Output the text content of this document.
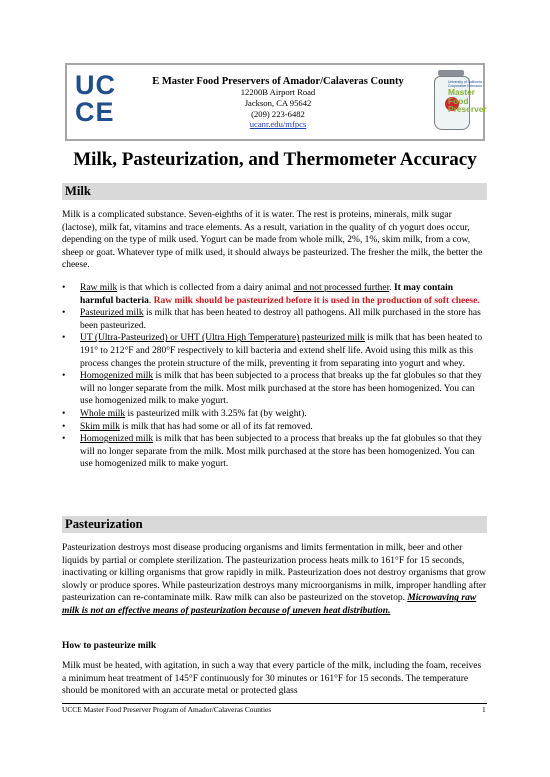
UC
CE

E Master Food Preservers of Amador/Calaveras County

12200B Airport Road
Jackson, CA 95642
(209) 223-6482
ucanr.edu/mfpcs
University of California
Cooperative Extension
Master
Food
Preserver
Milk, Pasteurization, and Thermometer Accuracy
Milk

Milk is a complicated substance. Seven-eighths of it is water. The rest is proteins, minerals, milk sugar (lactose), milk fat, vitamins and trace elements. As a result, variation in the quality of ch yogurt does occur, depending on the type of milk used. Yogurt can be made from whole milk, 2%, 1%, skim milk, from a cow, sheep or goat. Whatever type of milk used, it should always be pasteurized. The fresher the milk, the better the cheese.

• Raw milk is that which is collected from a dairy animal and not processed further. It may contain harmful bacteria. Raw milk should be pasteurized before it is used in the production of soft cheese.
• Pasteurized milk is milk that has been heated to destroy all pathogens. All milk purchased in the store has been pasteurized.
• UT (Ultra-Pasteurized) or UHT (Ultra High Temperature) pasteurized milk is milk that has been heated to 191° to 212°F and 280°F respectively to kill bacteria and extend shelf life. Avoid using this milk as this process changes the protein structure of the milk, preventing it from separating into yogurt and whey.
• Homogenized milk is milk that has been subjected to a process that breaks up the fat globules so that they will no longer separate from the milk. Most milk purchased at the store has been homogenized. You can use homogenized milk to make yogurt.
• Whole milk is pasteurized milk with 3.25% fat (by weight).
• Skim milk is milk that has had some or all of its fat removed.
• Homogenized milk is milk that has been subjected to a process that breaks up the fat globules so that they will no longer separate from the milk. Most milk purchased at the store has been homogenized. You can use homogenized milk to make yogurt.
Pasteurization

Pasteurization destroys most disease producing organisms and limits fermentation in milk, beer and other liquids by partial or complete sterilization. The pasteurization process heats milk to 161°F for 15 seconds, inactivating or killing organisms that grow rapidly in milk. Pasteurization does not destroy organisms that grow slowly or produce spores. While pasteurization destroys many microorganisms in milk, improper handling after pasteurization can re-contaminate milk. Raw milk can also be pasteurized on the stovetop. Microwaving raw milk is not an effective means of pasteurization because of uneven heat distribution.

How to pasteurize milk

Milk must be heated, with agitation, in such a way that every particle of the milk, including the foam, receives a minimum heat treatment of 145°F continuously for 30 minutes or 161°F for 15 seconds. The temperature should be monitored with an accurate metal or protected glass

UCCE Master Food Preserver Program of Amador/Calaveras Counties	1
